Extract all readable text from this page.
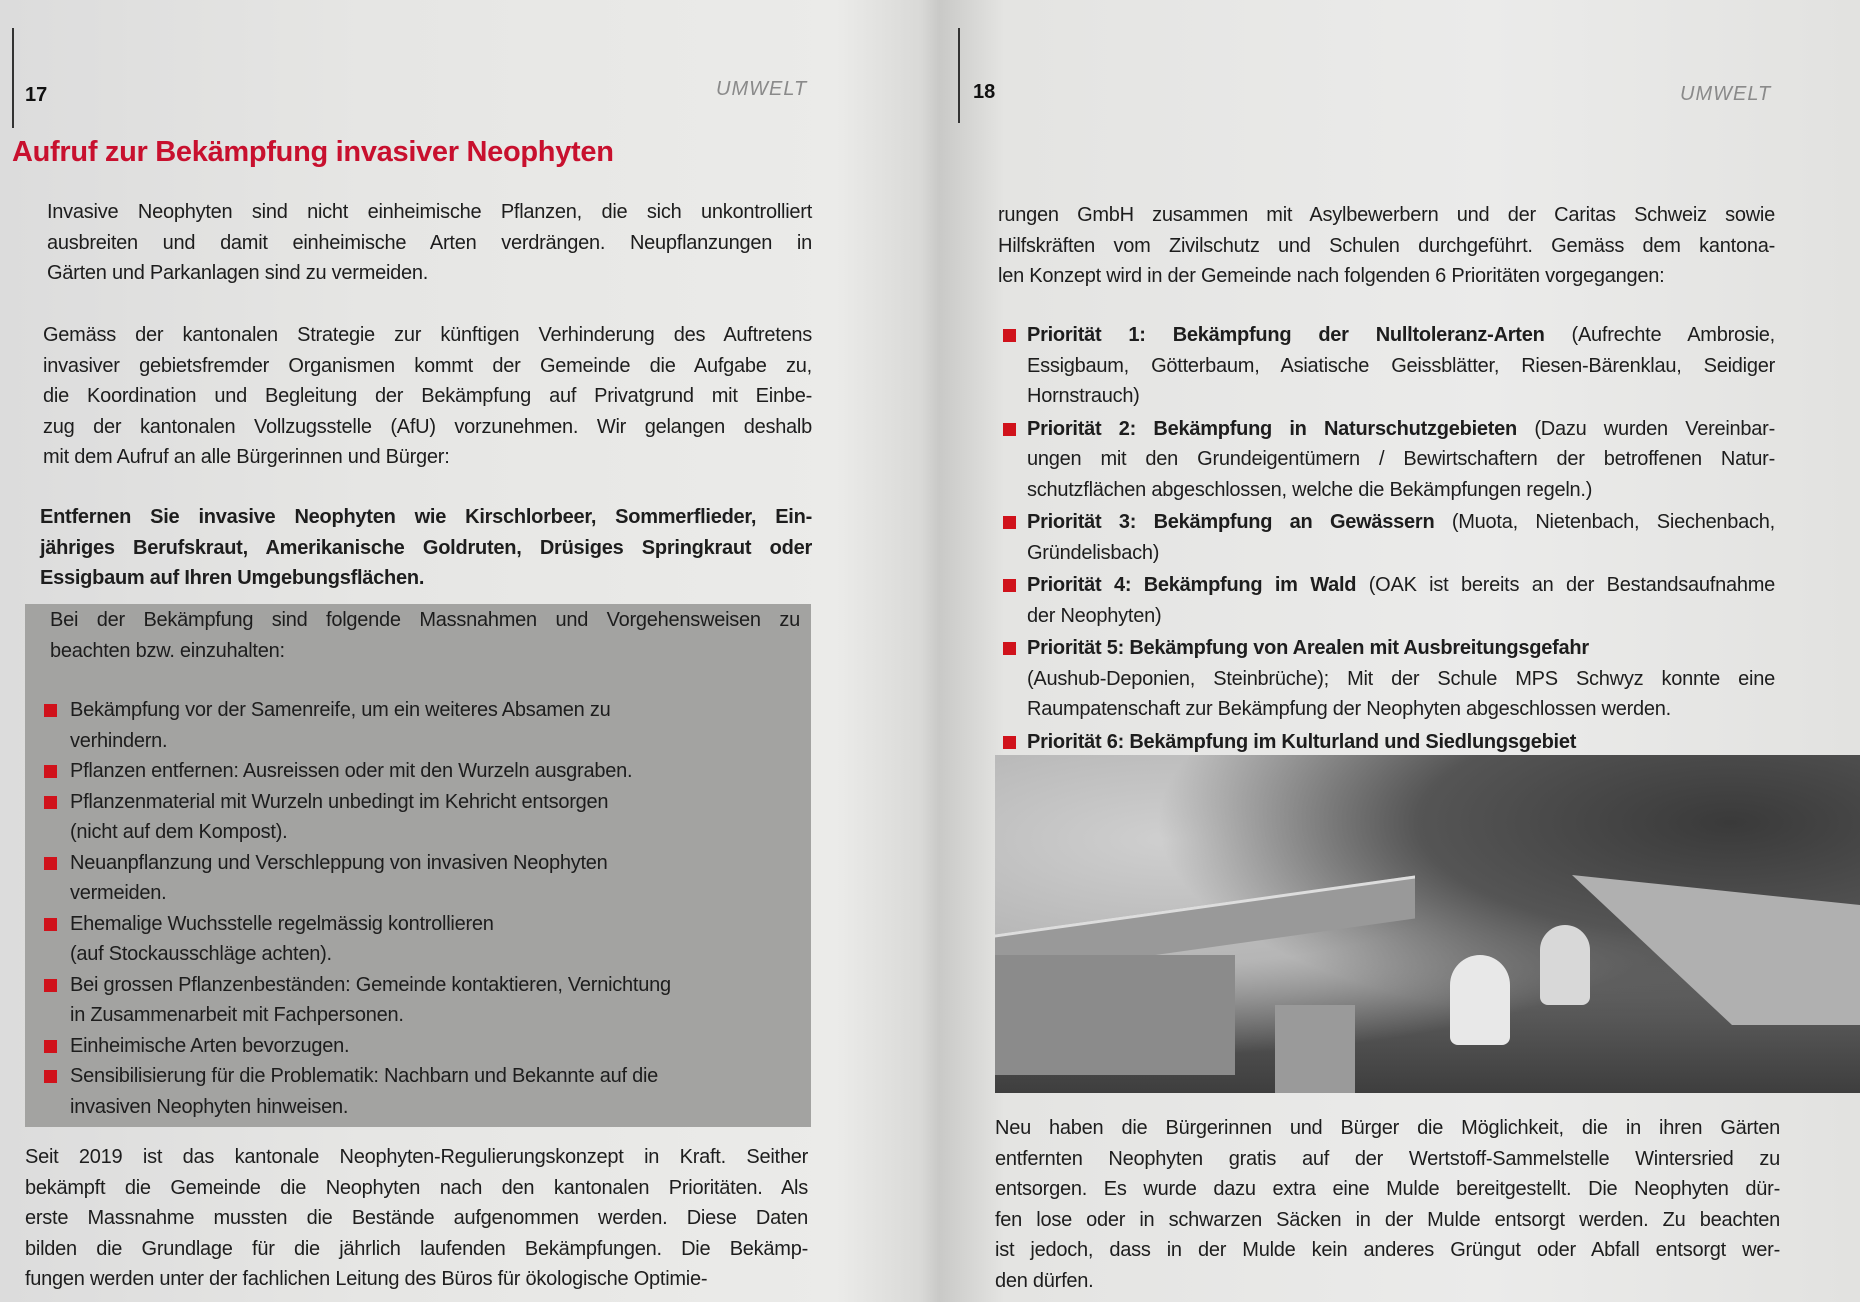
17	UMWELT
Aufruf zur Bekämpfung invasiver Neophyten
Invasive Neophyten sind nicht einheimische Pflanzen, die sich unkontrolliert
ausbreiten und damit einheimische Arten verdrängen. Neupflanzungen in
Gärten und Parkanlagen sind zu vermeiden.
Gemäss der kantonalen Strategie zur künftigen Verhinderung des Auftretens
invasiver gebietsfremder Organismen kommt der Gemeinde die Aufgabe zu,
die Koordination und Begleitung der Bekämpfung auf Privatgrund mit Einbe-
zug der kantonalen Vollzugsstelle (AfU) vorzunehmen. Wir gelangen deshalb
mit dem Aufruf an alle Bürgerinnen und Bürger:
Entfernen Sie invasive Neophyten wie Kirschlorbeer, Sommerflieder, Ein-
jähriges Berufskraut, Amerikanische Goldruten, Drüsiges Springkraut oder
Essigbaum auf Ihren Umgebungsflächen.
Bei der Bekämpfung sind folgende Massnahmen und Vorgehensweisen zu
beachten bzw. einzuhalten:
Bekämpfung vor der Samenreife, um ein weiteres Absamen zu
verhindern.
Pflanzen entfernen: Ausreissen oder mit den Wurzeln ausgraben.
Pflanzenmaterial mit Wurzeln unbedingt im Kehricht entsorgen
(nicht auf dem Kompost).
Neuanpflanzung und Verschleppung von invasiven Neophyten
vermeiden.
Ehemalige Wuchsstelle regelmässig kontrollieren
(auf Stockausschläge achten).
Bei grossen Pflanzenbeständen: Gemeinde kontaktieren, Vernichtung
in Zusammenarbeit mit Fachpersonen.
Einheimische Arten bevorzugen.
Sensibilisierung für die Problematik: Nachbarn und Bekannte auf die
invasiven Neophyten hinweisen.
Seit 2019 ist das kantonale Neophyten-Regulierungskonzept in Kraft. Seither
bekämpft die Gemeinde die Neophyten nach den kantonalen Prioritäten. Als
erste Massnahme mussten die Bestände aufgenommen werden. Diese Daten
bilden die Grundlage für die jährlich laufenden Bekämpfungen. Die Bekämp-
fungen werden unter der fachlichen Leitung des Büros für ökologische Optimie-
18	UMWELT
rungen GmbH zusammen mit Asylbewerbern und der Caritas Schweiz sowie
Hilfskräften vom Zivilschutz und Schulen durchgeführt. Gemäss dem kantona-
len Konzept wird in der Gemeinde nach folgenden 6 Prioritäten vorgegangen:
Priorität 1: Bekämpfung der Nulltoleranz-Arten (Aufrechte Ambrosie,
Essigbaum, Götterbaum, Asiatische Geissblätter, Riesen-Bärenklau, Seidiger
Hornstrauch)
Priorität 2: Bekämpfung in Naturschutzgebieten (Dazu wurden Vereinbar-
ungen mit den Grundeigentümern / Bewirtschaftern der betroffenen Natur-
schutzflächen abgeschlossen, welche die Bekämpfungen regeln.)
Priorität 3: Bekämpfung an Gewässern (Muota, Nietenbach, Siechenbach,
Gründelisbach)
Priorität 4: Bekämpfung im Wald (OAK ist bereits an der Bestandsaufnahme
der Neophyten)
Priorität 5: Bekämpfung von Arealen mit Ausbreitungsgefahr
(Aushub-Deponien, Steinbrüche); Mit der Schule MPS Schwyz konnte eine
Raumpatenschaft zur Bekämpfung der Neophyten abgeschlossen werden.
Priorität 6: Bekämpfung im Kulturland und Siedlungsgebiet
Neu haben die Bürgerinnen und Bürger die Möglichkeit, die in ihren Gärten
entfernten Neophyten gratis auf der Wertstoff-Sammelstelle Wintersried zu
entsorgen. Es wurde dazu extra eine Mulde bereitgestellt. Die Neophyten dür-
fen lose oder in schwarzen Säcken in der Mulde entsorgt werden. Zu beachten
ist jedoch, dass in der Mulde kein anderes Grüngut oder Abfall entsorgt wer-
den dürfen.
